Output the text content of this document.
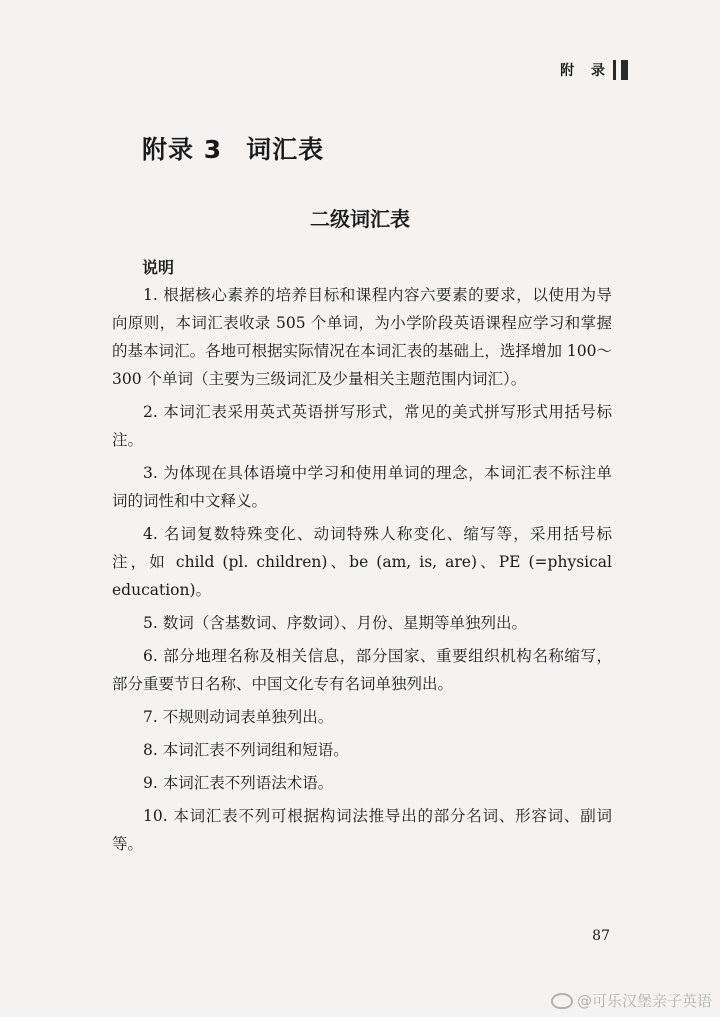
附 录
附录 3 词汇表
二级词汇表
说明

1. 根据核心素养的培养目标和课程内容六要素的要求，以使用为导向原则，本词汇表收录 505 个单词，为小学阶段英语课程应学习和掌握的基本词汇。各地可根据实际情况在本词汇表的基础上，选择增加 100～300 个单词（主要为三级词汇及少量相关主题范围内词汇）。

2. 本词汇表采用英式英语拼写形式，常见的美式拼写形式用括号标注。

3. 为体现在具体语境中学习和使用单词的理念，本词汇表不标注单词的词性和中文释义。

4. 名词复数特殊变化、动词特殊人称变化、缩写等，采用括号标注，如 child (pl. children)、be (am, is, are)、PE (=physical education)。

5. 数词（含基数词、序数词）、月份、星期等单独列出。

6. 部分地理名称及相关信息，部分国家、重要组织机构名称缩写，部分重要节日名称、中国文化专有名词单独列出。

7. 不规则动词表单独列出。

8. 本词汇表不列词组和短语。

9. 本词汇表不列语法术语。

10. 本词汇表不列可根据构词法推导出的部分名词、形容词、副词等。

87
@可乐汉堡亲子英语
